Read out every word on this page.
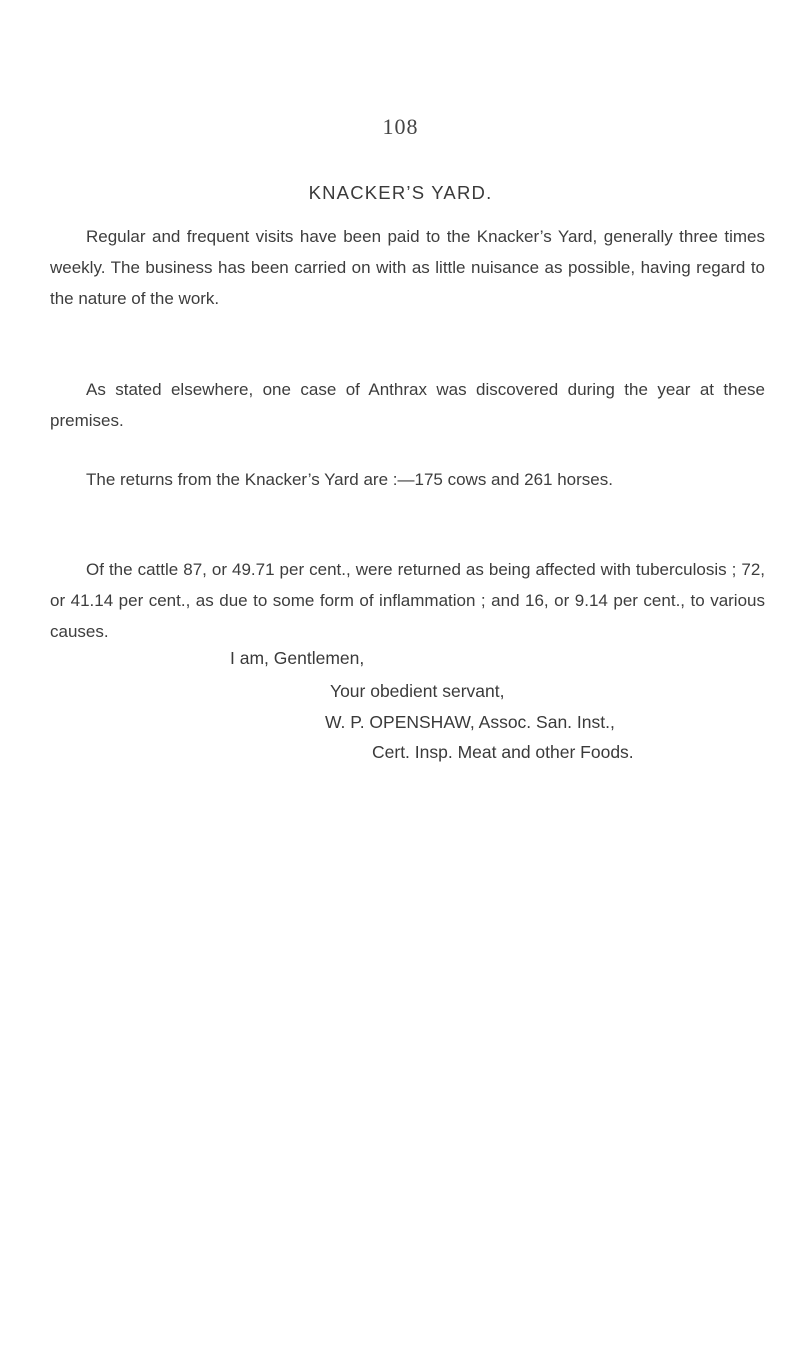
108
KNACKER’S YARD.
Regular and frequent visits have been paid to the Knacker’s Yard, generally three times weekly. The business has been carried on with as little nuisance as possible, having regard to the nature of the work.
As stated elsewhere, one case of Anthrax was discovered during the year at these premises.
The returns from the Knacker’s Yard are :—175 cows and 261 horses.
Of the cattle 87, or 49.71 per cent., were returned as being affected with tuberculosis ; 72, or 41.14 per cent., as due to some form of inflammation ; and 16, or 9.14 per cent., to various causes.
I am, Gentlemen,
Your obedient servant,
W. P. OPENSHAW, Assoc. San. Inst.,
Cert. Insp. Meat and other Foods.
